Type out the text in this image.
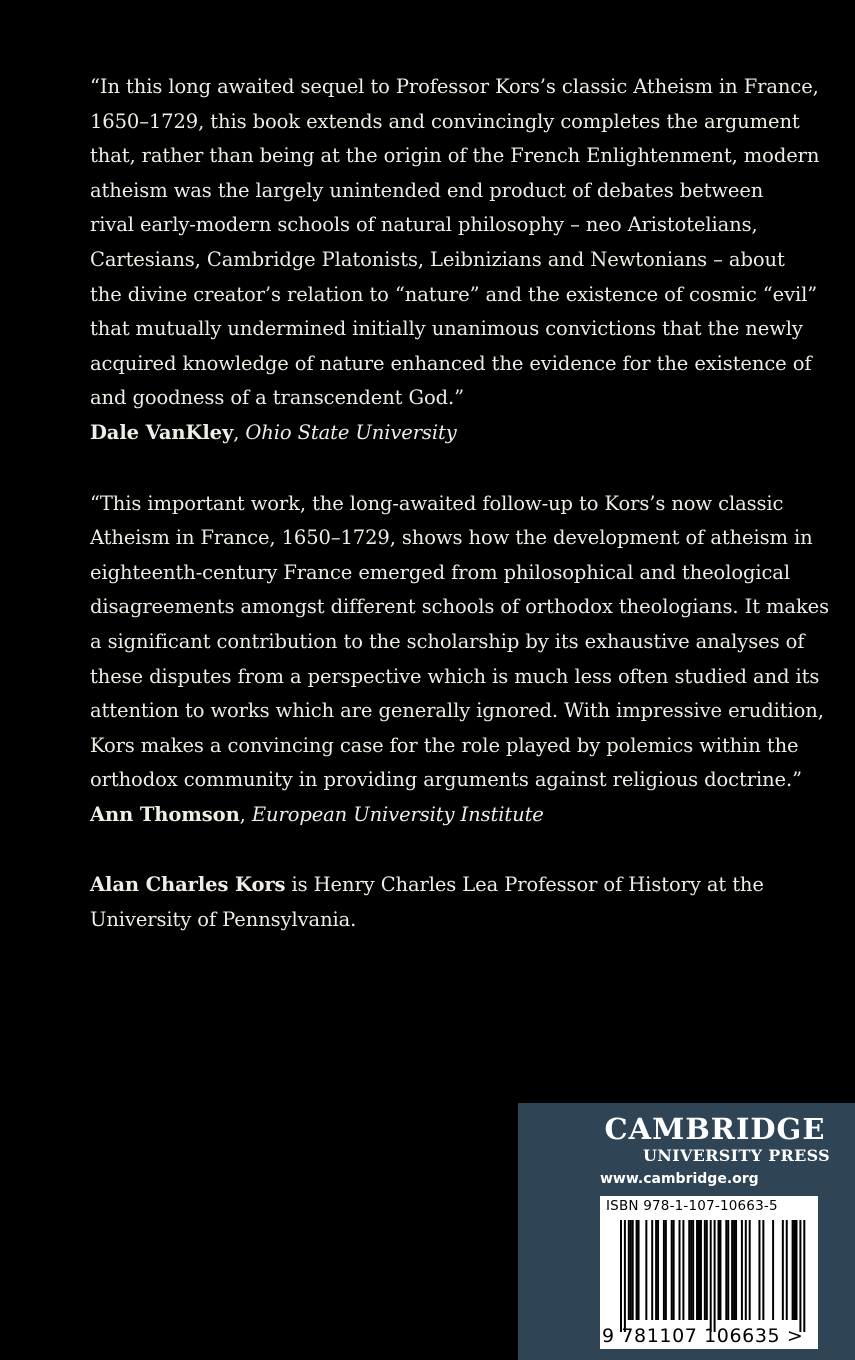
“In this long awaited sequel to Professor Kors’s classic Atheism in France,
1650–1729, this book extends and convincingly completes the argument
that, rather than being at the origin of the French Enlightenment, modern
atheism was the largely unintended end product of debates between
rival early-modern schools of natural philosophy – neo Aristotelians,
Cartesians, Cambridge Platonists, Leibnizians and Newtonians – about
the divine creator’s relation to “nature” and the existence of cosmic “evil”
that mutually undermined initially unanimous convictions that the newly
acquired knowledge of nature enhanced the evidence for the existence of
and goodness of a transcendent God.”
Dale VanKley, Ohio State University
“This important work, the long-awaited follow-up to Kors’s now classic
Atheism in France, 1650–1729, shows how the development of atheism in
eighteenth-century France emerged from philosophical and theological
disagreements amongst different schools of orthodox theologians. It makes
a significant contribution to the scholarship by its exhaustive analyses of
these disputes from a perspective which is much less often studied and its
attention to works which are generally ignored. With impressive erudition,
Kors makes a convincing case for the role played by polemics within the
orthodox community in providing arguments against religious doctrine.”
Ann Thomson, European University Institute
Alan Charles Kors is Henry Charles Lea Professor of History at the
University of Pennsylvania.
CAMBRIDGE
UNIVERSITY PRESS
www.cambridge.org
ISBN 978-1-107-10663-5
9 781107 106635 >
